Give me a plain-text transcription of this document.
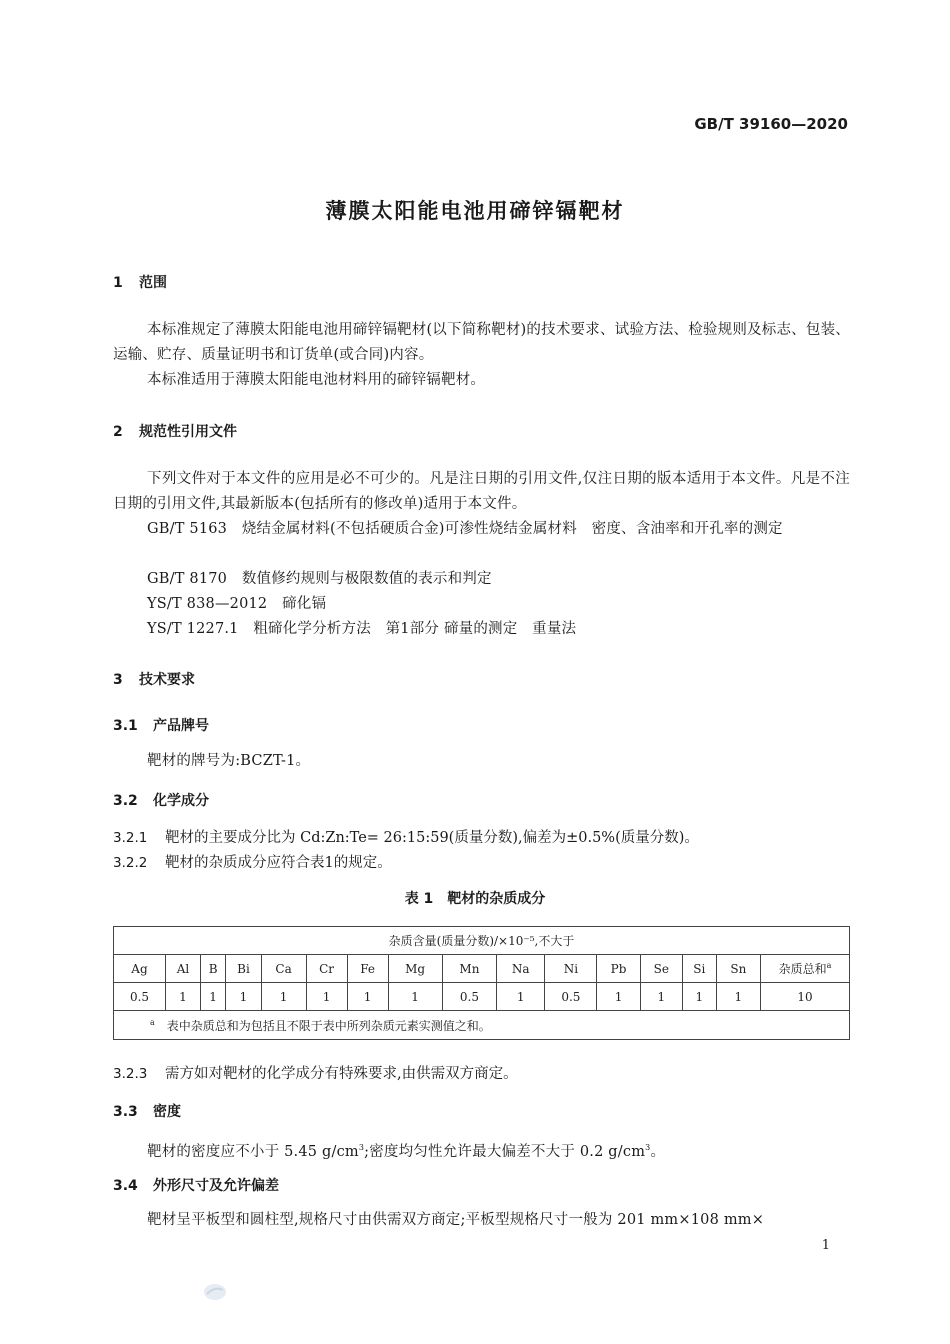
GB/T 39160—2020
薄膜太阳能电池用碲锌镉靶材
1 范围
本标准规定了薄膜太阳能电池用碲锌镉靶材(以下简称靶材)的技术要求、试验方法、检验规则及标志、包装、运输、贮存、质量证明书和订货单(或合同)内容。
本标准适用于薄膜太阳能电池材料用的碲锌镉靶材。
2 规范性引用文件
下列文件对于本文件的应用是必不可少的。凡是注日期的引用文件,仅注日期的版本适用于本文件。凡是不注日期的引用文件,其最新版本(包括所有的修改单)适用于本文件。
GB/T 5163　 烧结金属材料(不包括硬质合金)可渗性烧结金属材料　密度、含油率和开孔率的测定
GB/T 8170　 数值修约规则与极限数值的表示和判定
YS/T 838—2012　 碲化镉
YS/T 1227.1　 粗碲化学分析方法　第1部分 碲量的测定　重量法
3 技术要求
3.1 产品牌号
靶材的牌号为:BCZT-1。
3.2 化学成分
3.2.1 靶材的主要成分比为 Cd:Zn:Te= 26:15:59(质量分数),偏差为±0.5%(质量分数)。
3.2.2 靶材的杂质成分应符合表1的规定。
表 1　靶材的杂质成分
杂质含量(质量分数)/×10⁻⁵,不大于															
Ag	Al	B	Bi	Ca	Cr	Fe	Mg	Mn	Na	Ni	Pb	Se	Si	Sn	杂质总和$^a$
0.5	1	1	1	1	1	1	1	0.5	1	0.5	1	1	1	1	10
$^a$　 表中杂质总和为包括且不限于表中所列杂质元素实测值之和。															
3.2.3 需方如对靶材的化学成分有特殊要求,由供需双方商定。
3.3 密度
靶材的密度应不小于 5.45 $g/cm^3$;密度均匀性允许最大偏差不大于 0.2 $g/cm^3$。
3.4 外形尺寸及允许偏差
靶材呈平板型和圆柱型,规格尺寸由供需双方商定;平板型规格尺寸一般为 201 mm×108 mm×
1
